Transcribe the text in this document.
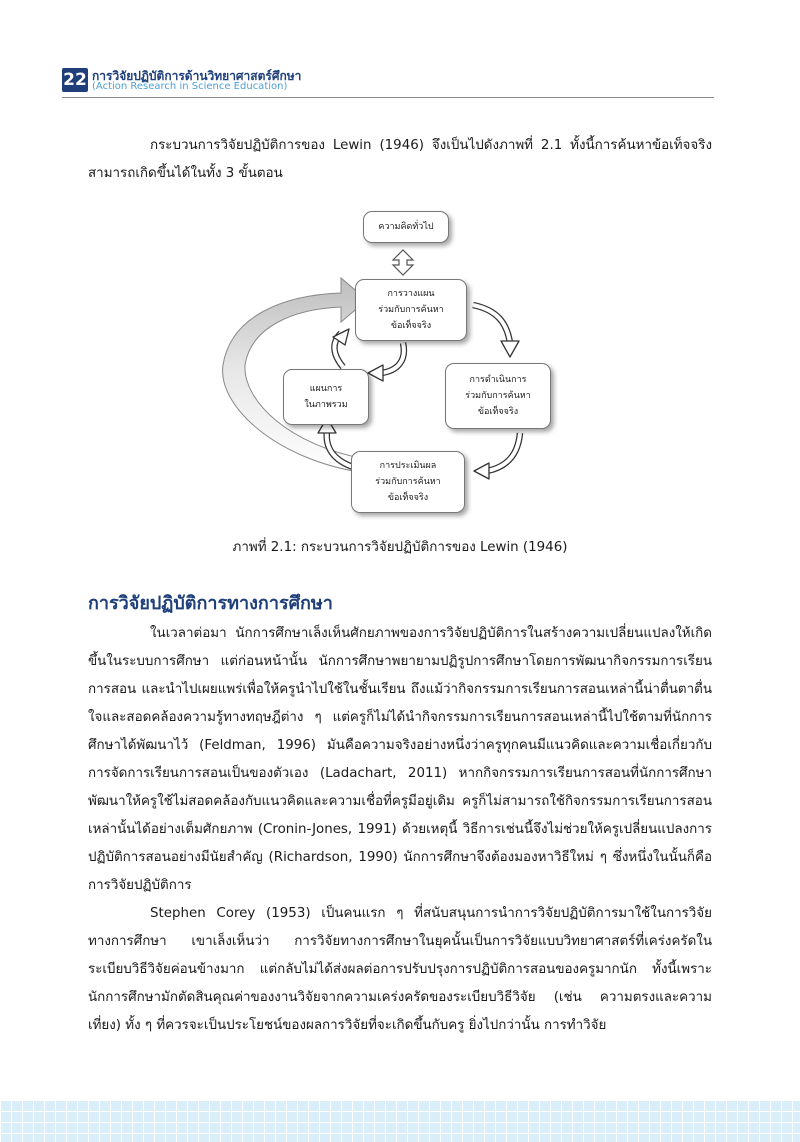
22 การวิจัยปฏิบัติการด้านวิทยาศาสตร์ศึกษา
(Action Research in Science Education)

กระบวนการวิจัยปฏิบัติการของ Lewin (1946) จึงเป็นไปดังภาพที่ 2.1 ทั้งนี้การค้นหาข้อเท็จจริงสามารถเกิดขึ้นได้ในทั้ง 3 ขั้นตอน

ความคิดทั่วไป
การวางแผน
ร่วมกับการค้นหา
ข้อเท็จจริง
แผนการ
ในภาพรวม
การดำเนินการ
ร่วมกับการค้นหา
ข้อเท็จจริง
การประเมินผล
ร่วมกับการค้นหา
ข้อเท็จจริง
ภาพที่ 2.1: กระบวนการวิจัยปฏิบัติการของ Lewin (1946)
การวิจัยปฏิบัติการทางการศึกษา

ในเวลาต่อมา นักการศึกษาเล็งเห็นศักยภาพของการวิจัยปฏิบัติการในสร้างความเปลี่ยนแปลงให้เกิดขึ้นในระบบการศึกษา แต่ก่อนหน้านั้น นักการศึกษาพยายามปฏิรูปการศึกษาโดยการพัฒนากิจกรรมการเรียนการสอน และนำไปเผยแพร่เพื่อให้ครูนำไปใช้ในชั้นเรียน ถึงแม้ว่ากิจกรรมการเรียนการสอนเหล่านี้น่าตื่นตาตื่นใจและสอดคล้องความรู้ทางทฤษฎีต่าง ๆ แต่ครูก็ไม่ได้นำกิจกรรมการเรียนการสอนเหล่านี้ไปใช้ตามที่นักการศึกษาได้พัฒนาไว้ (Feldman, 1996) มันคือความจริงอย่างหนึ่งว่าครูทุกคนมีแนวคิดและความเชื่อเกี่ยวกับการจัดการเรียนการสอนเป็นของตัวเอง (Ladachart, 2011) หากกิจกรรมการเรียนการสอนที่นักการศึกษาพัฒนาให้ครูใช้ไม่สอดคล้องกับแนวคิดและความเชื่อที่ครูมีอยู่เดิม ครูก็ไม่สามารถใช้กิจกรรมการเรียนการสอนเหล่านั้นได้อย่างเต็มศักยภาพ (Cronin-Jones, 1991) ด้วยเหตุนี้ วิธีการเช่นนี้จึงไม่ช่วยให้ครูเปลี่ยนแปลงการปฏิบัติการสอนอย่างมีนัยสำคัญ (Richardson, 1990) นักการศึกษาจึงต้องมองหาวิธีใหม่ ๆ ซึ่งหนึ่งในนั้นก็คือการวิจัยปฏิบัติการ

Stephen Corey (1953) เป็นคนแรก ๆ ที่สนับสนุนการนำการวิจัยปฏิบัติการมาใช้ในการวิจัยทางการศึกษา เขาเล็งเห็นว่า การวิจัยทางการศึกษาในยุคนั้นเป็นการวิจัยแบบวิทยาศาสตร์ที่เคร่งครัดในระเบียบวิธีวิจัยค่อนข้างมาก แต่กลับไม่ได้ส่งผลต่อการปรับปรุงการปฏิบัติการสอนของครูมากนัก ทั้งนี้เพราะนักการศึกษามักตัดสินคุณค่าของงานวิจัยจากความเคร่งครัดของระเบียบวิธีวิจัย (เช่น ความตรงและความเที่ยง) ทั้ง ๆ ที่ควรจะเป็นประโยชน์ของผลการวิจัยที่จะเกิดขึ้นกับครู ยิ่งไปกว่านั้น การทำวิจัย
